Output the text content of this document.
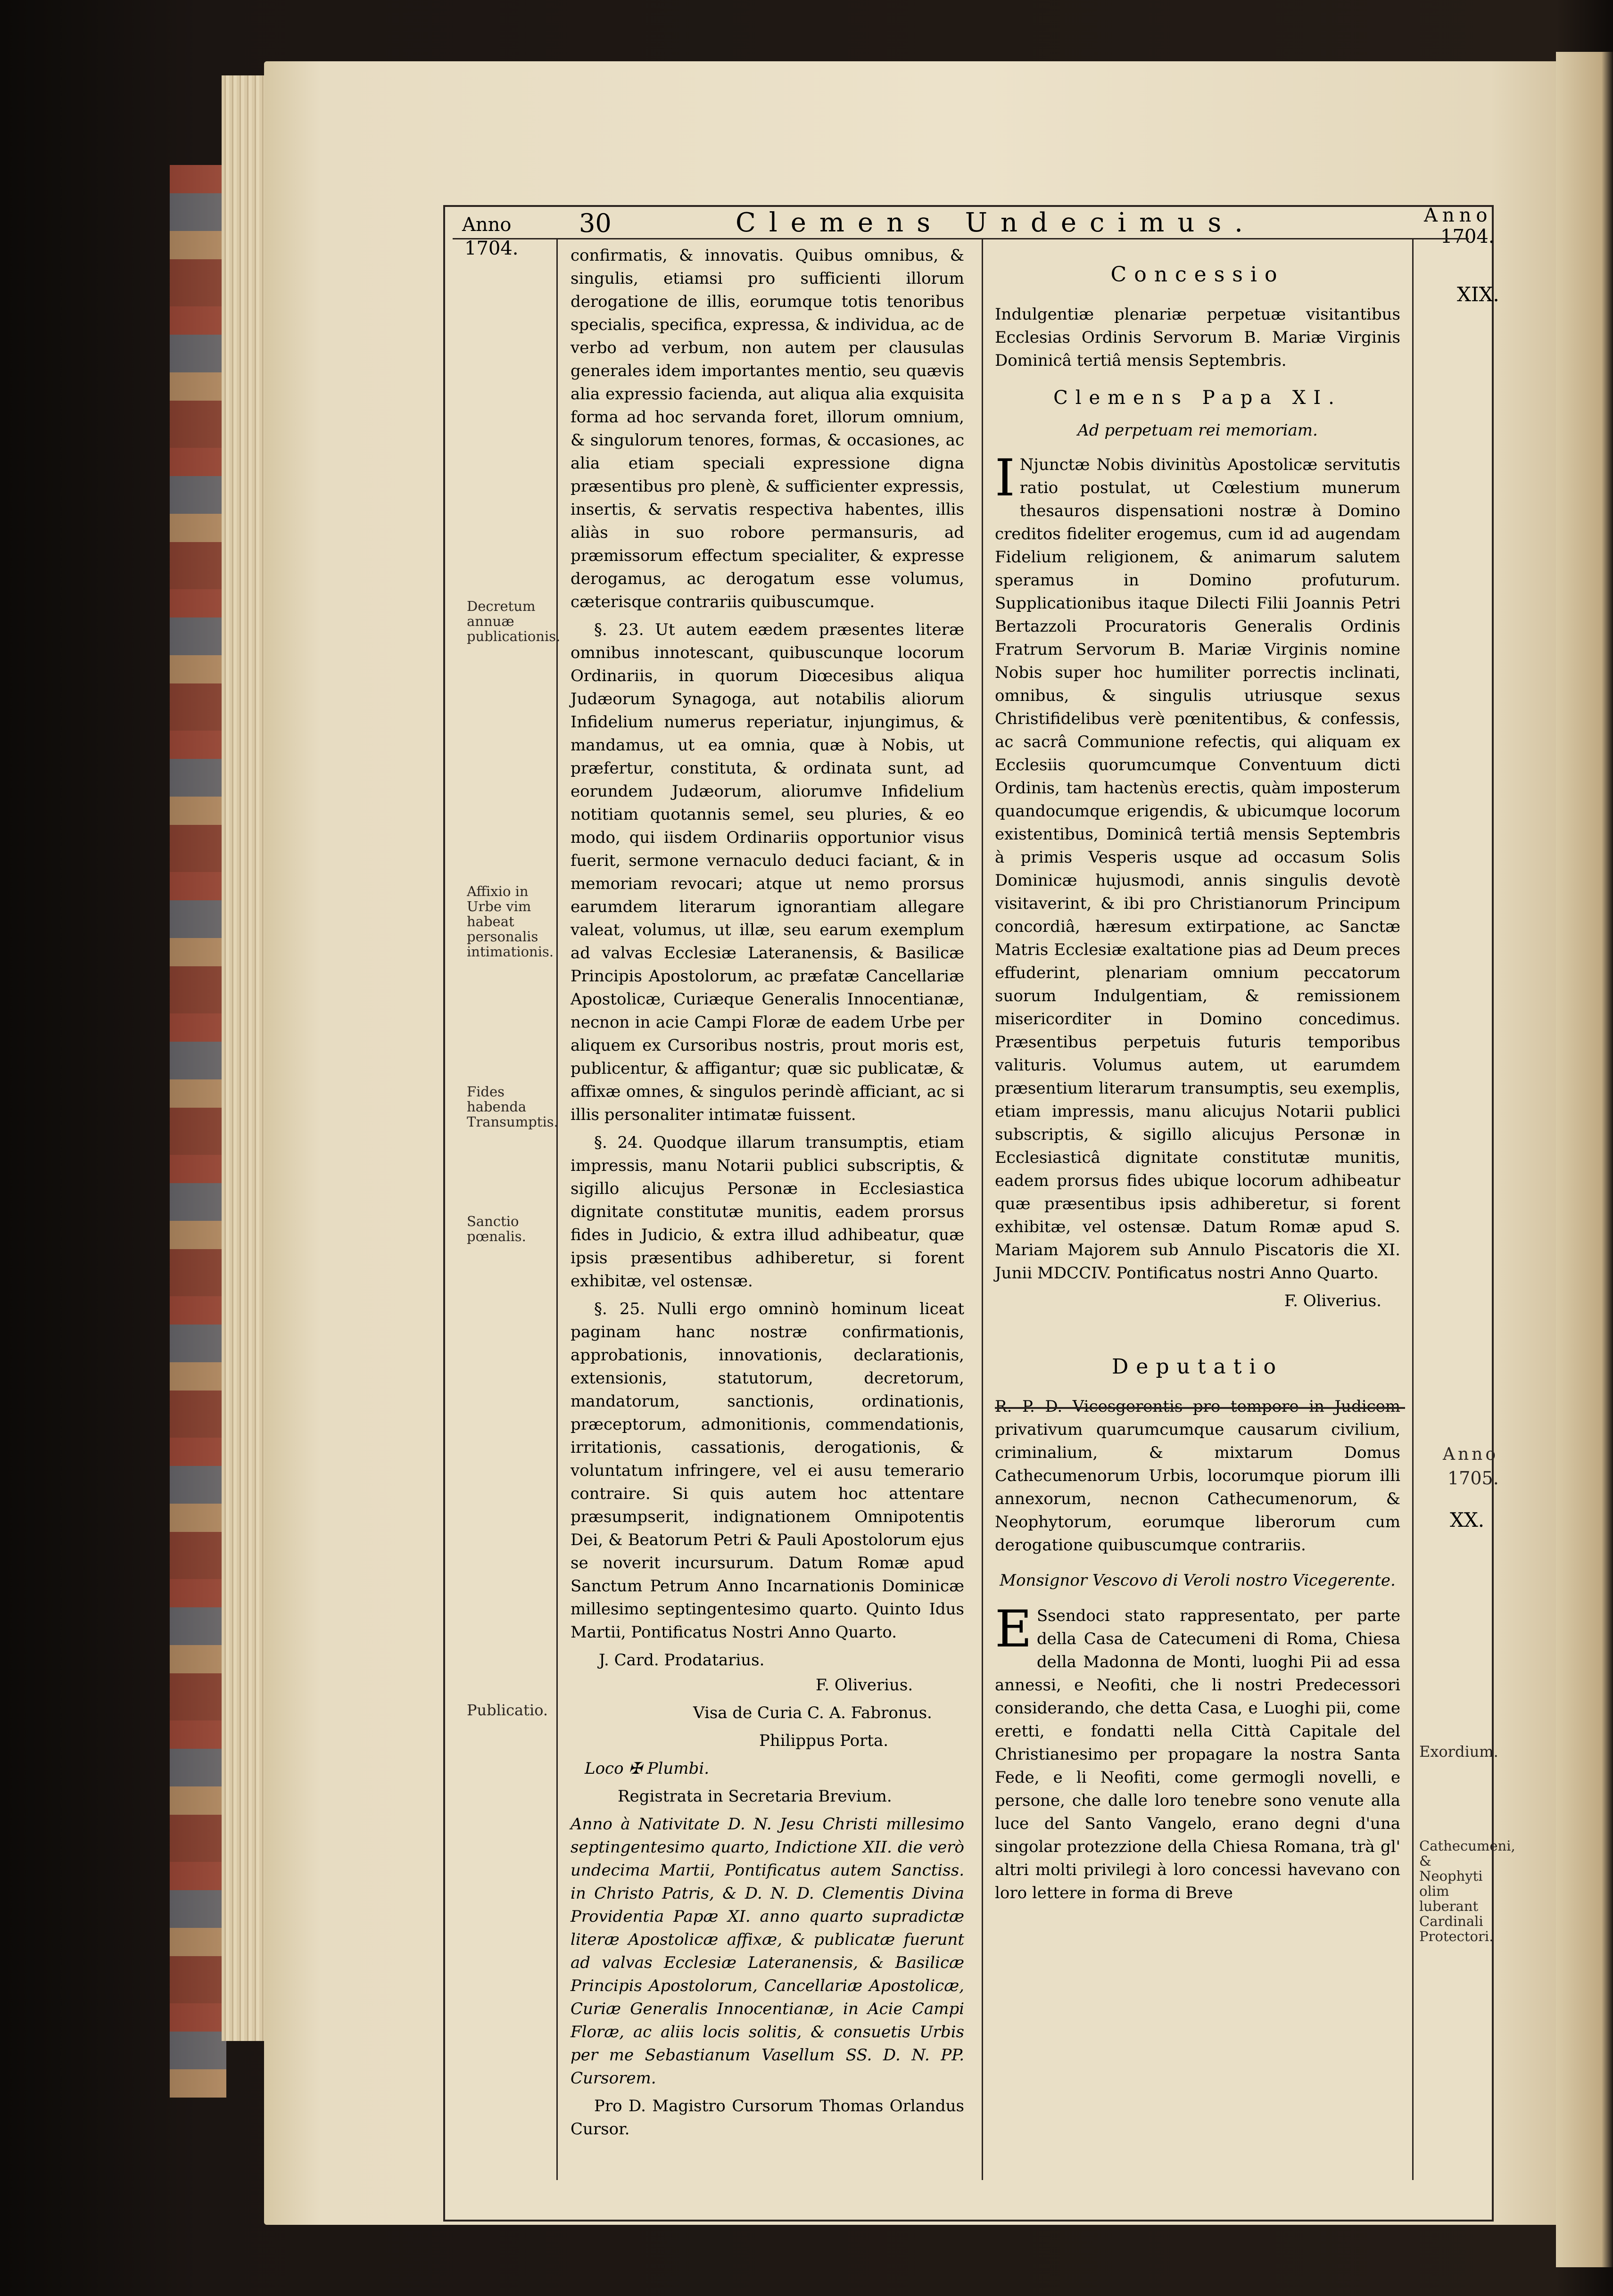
Anno
1704.
30	Clemens Undecimus.	Anno
1704.

confirmatis, & innovatis. Quibus omnibus, & singulis, etiamsi pro sufficienti illorum derogatione de illis, eorumque totis tenoribus specialis, specifica, expressa, & individua, ac de verbo ad verbum, non autem per clausulas generales idem importantes mentio, seu quævis alia expressio facienda, aut aliqua alia exquisita forma ad hoc servanda foret, illorum omnium, & singulorum tenores, formas, & occasiones, ac alia etiam speciali expressione digna præsentibus pro plenè, & sufficienter expressis, insertis, & servatis respectiva habentes, illis aliàs in suo robore permansuris, ad præmissorum effectum specialiter, & expresse derogamus, ac derogatum esse volumus, cæterisque contrariis quibuscumque.

§. 23. Ut autem eædem præsentes literæ omnibus innotescant, quibuscunque locorum Ordinariis, in quorum Diœcesibus aliqua Judæorum Synagoga, aut notabilis aliorum Infidelium numerus reperiatur, injungimus, & mandamus, ut ea omnia, quæ à Nobis, ut præfertur, constituta, & ordinata sunt, ad eorundem Judæorum, aliorumve Infidelium notitiam quotannis semel, seu pluries, & eo modo, qui iisdem Ordinariis opportunior visus fuerit, sermone vernaculo deduci faciant, & in memoriam revocari; atque ut nemo prorsus earumdem literarum ignorantiam allegare valeat, volumus, ut illæ, seu earum exemplum ad valvas Ecclesiæ Lateranensis, & Basilicæ Principis Apostolorum, ac præfatæ Cancellariæ Apostolicæ, Curiæque Generalis Innocentianæ, necnon in acie Campi Floræ de eadem Urbe per aliquem ex Cursoribus nostris, prout moris est, publicentur, & affigantur; quæ sic publicatæ, & affixæ omnes, & singulos perindè afficiant, ac si illis personaliter intimatæ fuissent.

§. 24. Quodque illarum transumptis, etiam impressis, manu Notarii publici subscriptis, & sigillo alicujus Personæ in Ecclesiastica dignitate constitutæ munitis, eadem prorsus fides in Judicio, & extra illud adhibeatur, quæ ipsis præsentibus adhiberetur, si forent exhibitæ, vel ostensæ.

§. 25. Nulli ergo omninò hominum liceat paginam hanc nostræ confirmationis, approbationis, innovationis, declarationis, extensionis, statutorum, decretorum, mandatorum, sanctionis, ordinationis, præceptorum, admonitionis, commendationis, irritationis, cassationis, derogationis, & voluntatum infringere, vel ei ausu temerario contraire. Si quis autem hoc attentare præsumpserit, indignationem Omnipotentis Dei, & Beatorum Petri & Pauli Apostolorum ejus se noverit incursurum. Datum Romæ apud Sanctum Petrum Anno Incarnationis Dominicæ millesimo septingentesimo quarto. Quinto Idus Martii, Pontificatus Nostri Anno Quarto.

J. Card. Prodatarius.

F. Oliverius.

Visa de Curia C. A. Fabronus.

Philippus Porta.

Loco ✠ Plumbi.

Registrata in Secretaria Brevium.

Anno à Nativitate D. N. Jesu Christi millesimo septingentesimo quarto, Indictione XII. die verò undecima Martii, Pontificatus autem Sanctiss. in Christo Patris, & D. N. D. Clementis Divina Providentia Papæ XI. anno quarto supradictæ literæ Apostolicæ affixæ, & publicatæ fuerunt ad valvas Ecclesiæ Lateranensis, & Basilicæ Principis Apostolorum, Cancellariæ Apostolicæ, Curiæ Generalis Innocentianæ, in Acie Campi Floræ, ac aliis locis solitis, & consuetis Urbis per me Sebastianum Vasellum SS. D. N. PP. Cursorem.

Pro D. Magistro Cursorum Thomas Orlandus Cursor.

Decretum annuæ publicationis.
Affixio in Urbe vim habeat personalis intimationis.
Fides habenda Transumptis.
Sanctio pœnalis.
Publicatio.
Concessio

Indulgentiæ plenariæ perpetuæ visitantibus Ecclesias Ordinis Servorum B. Mariæ Virginis Dominicâ tertiâ mensis Septembris.

Clemens Papa XI.

Ad perpetuam rei memoriam.

I Njunctæ Nobis divinitùs Apostolicæ servitutis ratio postulat, ut Cœlestium munerum thesauros dispensationi nostræ à Domino creditos fideliter erogemus, cum id ad augendam Fidelium religionem, & animarum salutem speramus in Domino profuturum. Supplicationibus itaque Dilecti Filii Joannis Petri Bertazzoli Procuratoris Generalis Ordinis Fratrum Servorum B. Mariæ Virginis nomine Nobis super hoc humiliter porrectis inclinati, omnibus, & singulis utriusque sexus Christifidelibus verè pœnitentibus, & confessis, ac sacrâ Communione refectis, qui aliquam ex Ecclesiis quorumcumque Conventuum dicti Ordinis, tam hactenùs erectis, quàm imposterum quandocumque erigendis, & ubicumque locorum existentibus, Dominicâ tertiâ mensis Septembris à primis Vesperis usque ad occasum Solis Dominicæ hujusmodi, annis singulis devotè visitaverint, & ibi pro Christianorum Principum concordiâ, hæresum extirpatione, ac Sanctæ Matris Ecclesiæ exaltatione pias ad Deum preces effuderint, plenariam omnium peccatorum suorum Indulgentiam, & remissionem misericorditer in Domino concedimus. Præsentibus perpetuis futuris temporibus valituris. Volumus autem, ut earumdem præsentium literarum transumptis, seu exemplis, etiam impressis, manu alicujus Notarii publici subscriptis, & sigillo alicujus Personæ in Ecclesiasticâ dignitate constitutæ munitis, eadem prorsus fides ubique locorum adhibeatur quæ præsentibus ipsis adhiberetur, si forent exhibitæ, vel ostensæ. Datum Romæ apud S. Mariam Majorem sub Annulo Piscatoris die XI. Junii MDCCIV. Pontificatus nostri Anno Quarto.

F. Oliverius.

Deputatio

R. P. D. Vicesgerentis pro tempore in Judicem privativum quarumcumque causarum civilium, criminalium, & mixtarum Domus Cathecumenorum Urbis, locorumque piorum illi annexorum, necnon Cathecumenorum, & Neophytorum, eorumque liberorum cum derogatione quibuscumque contrariis.

Monsignor Vescovo di Veroli nostro Vicegerente.

E Ssendoci stato rappresentato, per parte della Casa de Catecumeni di Roma, Chiesa della Madonna de Monti, luoghi Pii ad essa annessi, e Neofiti, che li nostri Predecessori considerando, che detta Casa, e Luoghi pii, come eretti, e fondatti nella Città Capitale del Christianesimo per propagare la nostra Santa Fede, e li Neofiti, come germogli novelli, e persone, che dalle loro tenebre sono venute alla luce del Santo Vangelo, erano degni d'una singolar protezzione della Chiesa Romana, trà gl' altri molti privilegi à loro concessi havevano con loro lettere in forma di Breve

XIX.
Anno
1705.
XX.
Exordium.
Cathecumeni, & Neophyti olim luberant Cardinali Protectori.
